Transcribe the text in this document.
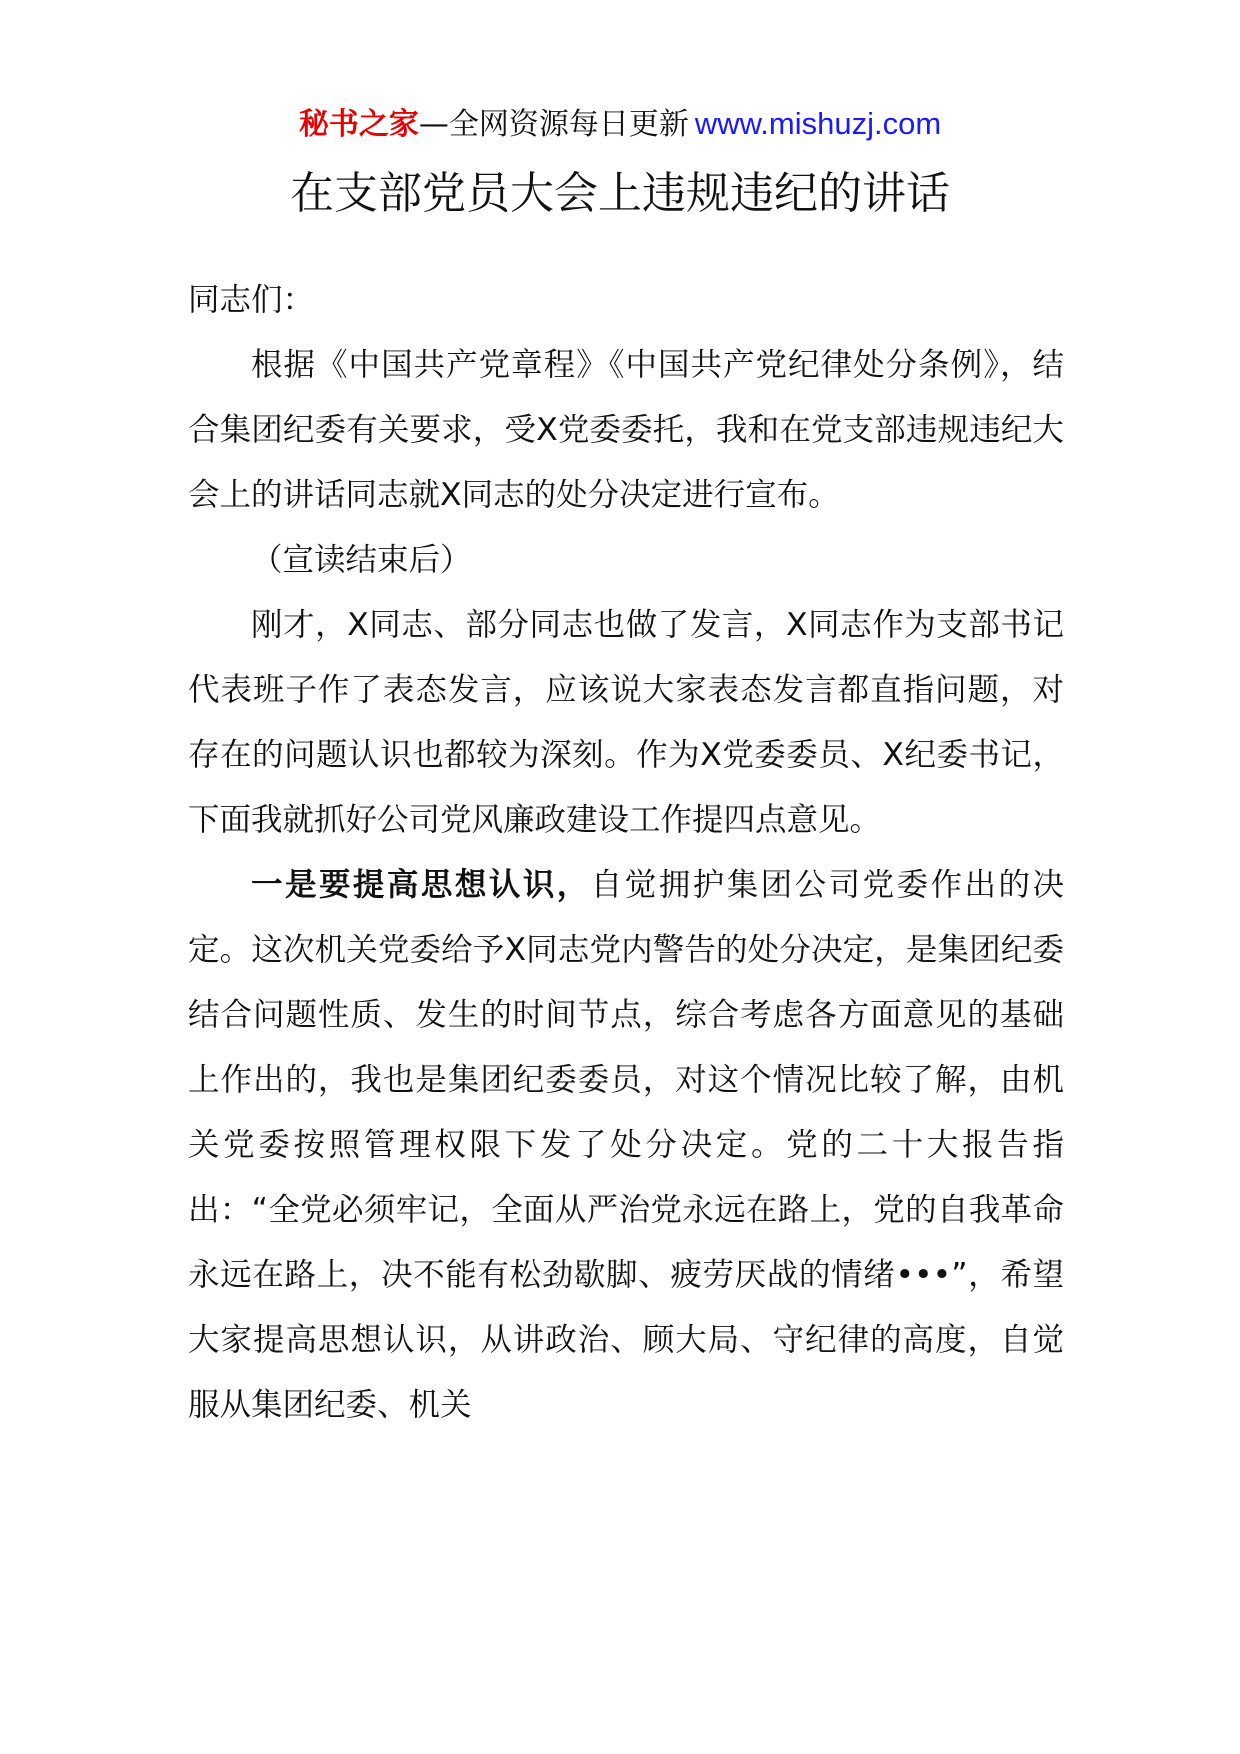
秘书之家—全网资源每日更新 www.mishuzj.com
在支部党员大会上违规违纪的讲话

同志们：

根据《中国共产党章程》《中国共产党纪律处分条例》，结合集团纪委有关要求，受X党委委托，我和在党支部违规违纪大会上的讲话同志就X同志的处分决定进行宣布。

（宣读结束后）

刚才，X同志、部分同志也做了发言，X同志作为支部书记代表班子作了表态发言，应该说大家表态发言都直指问题，对存在的问题认识也都较为深刻。作为X党委委员、X纪委书记，下面我就抓好公司党风廉政建设工作提四点意见。

一是要提高思想认识，自觉拥护集团公司党委作出的决定。这次机关党委给予X同志党内警告的处分决定，是集团纪委结合问题性质、发生的时间节点，综合考虑各方面意见的基础上作出的，我也是集团纪委委员，对这个情况比较了解，由机关党委按照管理权限下发了处分决定。党的二十大报告指出：“全党必须牢记，全面从严治党永远在路上，党的自我革命永远在路上，决不能有松劲歇脚、疲劳厌战的情绪•••”，希望大家提高思想认识，从讲政治、顾大局、守纪律的高度，自觉服从集团纪委、机关
